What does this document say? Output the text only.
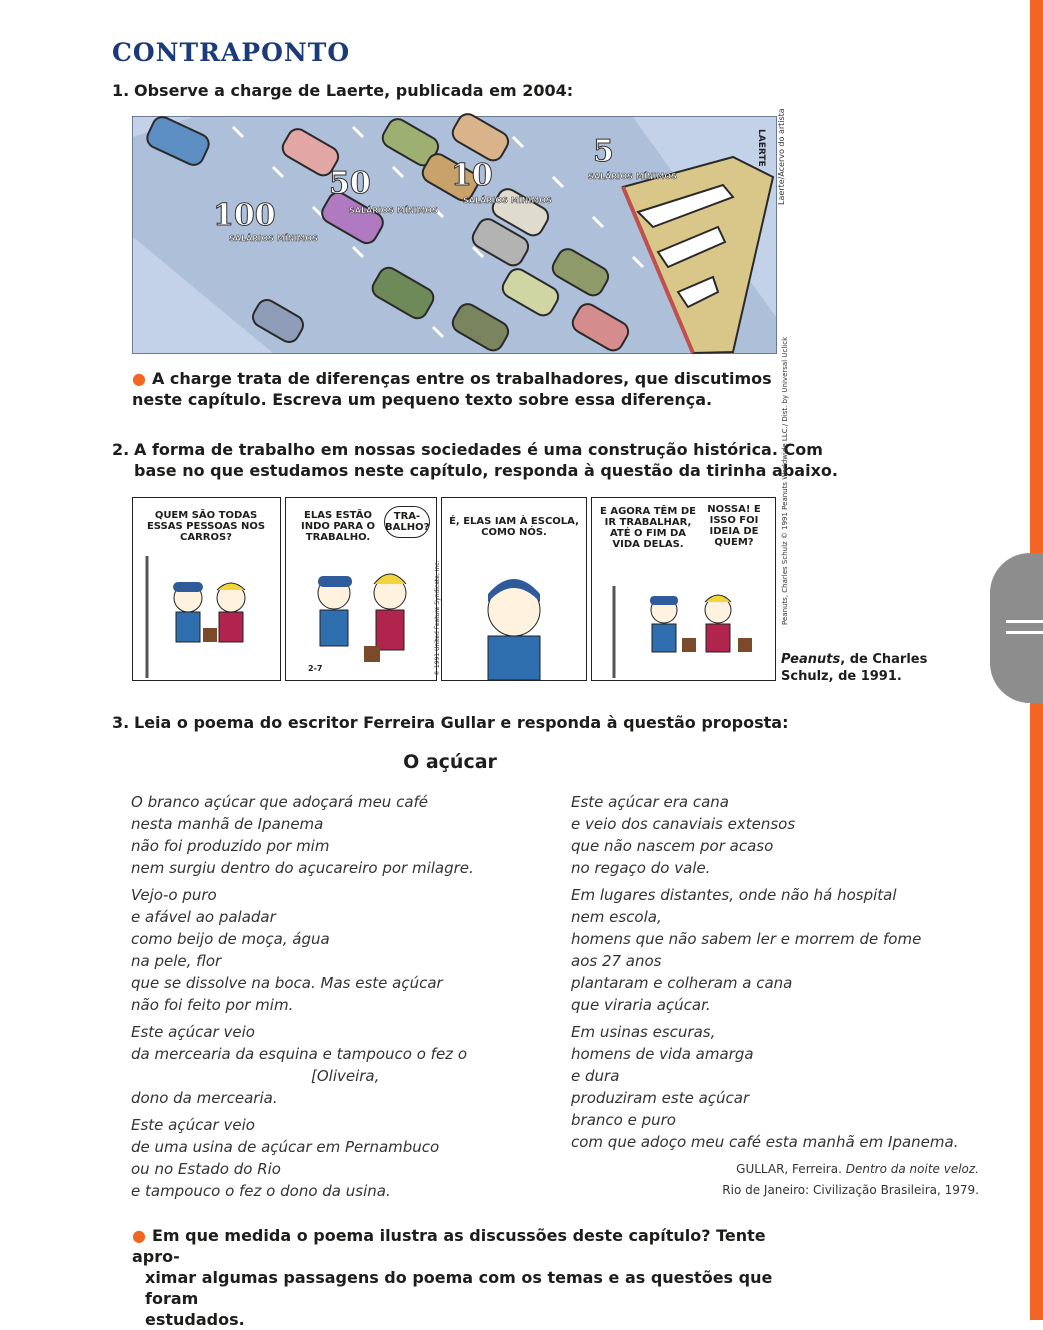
CONTRAPONTO
1. Observe a charge de Laerte, publicada em 2004:
100
50	10
5
SALÁRIOS MÍNIMOS
SALÁRIOS MÍNIMOS
SALÁRIOS MÍNIMOS
SALÁRIOS MÍNIMOS
LAERTE Laerte/Acervo do artista
● A charge trata de diferenças entre os trabalhadores, que discutimos neste capítulo. Escreva um pequeno texto sobre essa diferença.
2. A forma de trabalho em nossas sociedades é uma construção histórica. Com
base no que estudamos neste capítulo, responda à questão da tirinha abaixo.
QUEM SÃO TODAS ESSAS PESSOAS NOS CARROS?
ELAS ESTÃO INDO PARA O TRABALHO.
TRA- BALHO?
© 1991 United Feature Syndicate, Inc.
2-7
É, ELAS IAM À ESCOLA, COMO NÓS.
E AGORA TÊM DE IR TRABALHAR, ATÉ O FIM DA VIDA DELAS.
NOSSA! E ISSO FOI IDEIA DE QUEM?	Peanuts, Charles Schulz © 1991 Peanuts Worldwide LLC./ Dist. by Universal Uclick
Peanuts, de Charles
Schulz, de 1991.
3. Leia o poema do escritor Ferreira Gullar e responda à questão proposta:
O açúcar
O branco açúcar que adoçará meu café
nesta manhã de Ipanema
não foi produzido por mim
nem surgiu dentro do açucareiro por milagre.
Vejo-o puro
e afável ao paladar
como beijo de moça, água
na pele, flor
que se dissolve na boca. Mas este açúcar
não foi feito por mim.
Este açúcar veio
da mercearia da esquina e tampouco o fez o
[Oliveira,
dono da mercearia.
Este açúcar veio
de uma usina de açúcar em Pernambuco
ou no Estado do Rio
e tampouco o fez o dono da usina.
Este açúcar era cana
e veio dos canaviais extensos
que não nascem por acaso
no regaço do vale.
Em lugares distantes, onde não há hospital
nem escola,
homens que não sabem ler e morrem de fome
aos 27 anos
plantaram e colheram a cana
que viraria açúcar.
Em usinas escuras,
homens de vida amarga
e dura
produziram este açúcar
branco e puro
com que adoço meu café esta manhã em Ipanema.
GULLAR, Ferreira. Dentro da noite veloz.
Rio de Janeiro: Civilização Brasileira, 1979.
● Em que medida o poema ilustra as discussões deste capítulo? Tente apro-
ximar algumas passagens do poema com os temas e as questões que foram
estudados.
